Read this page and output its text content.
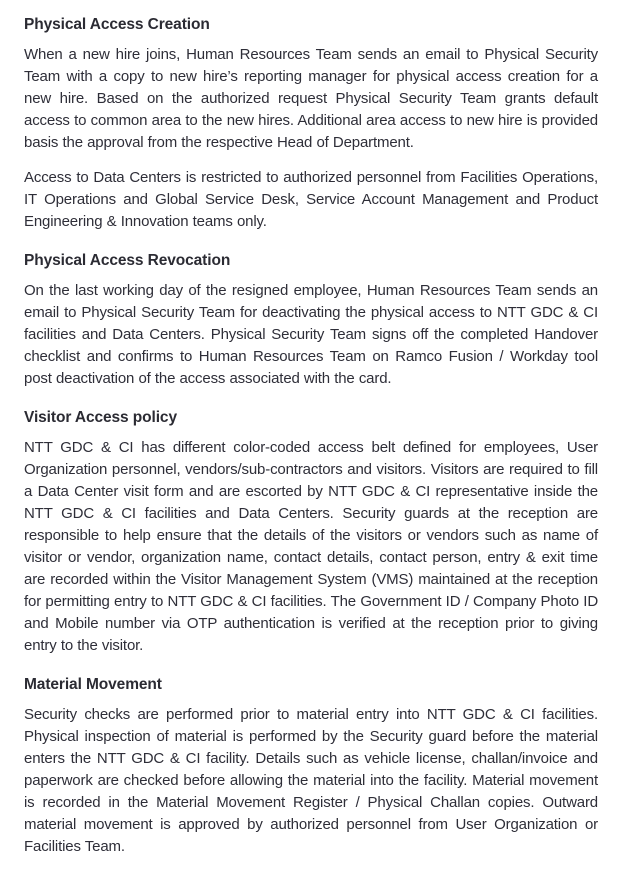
Physical Access Creation

When a new hire joins, Human Resources Team sends an email to Physical Security Team with a copy to new hire’s reporting manager for physical access creation for a new hire. Based on the authorized request Physical Security Team grants default access to common area to the new hires. Additional area access to new hire is provided basis the approval from the respective Head of Department.

Access to Data Centers is restricted to authorized personnel from Facilities Operations, IT Operations and Global Service Desk, Service Account Management and Product Engineering & Innovation teams only.

Physical Access Revocation

On the last working day of the resigned employee, Human Resources Team sends an email to Physical Security Team for deactivating the physical access to NTT GDC & CI facilities and Data Centers. Physical Security Team signs off the completed Handover checklist and confirms to Human Resources Team on Ramco Fusion / Workday tool post deactivation of the access associated with the card.

Visitor Access policy

NTT GDC & CI has different color-coded access belt defined for employees, User Organization personnel, vendors/sub-contractors and visitors. Visitors are required to fill a Data Center visit form and are escorted by NTT GDC & CI representative inside the NTT GDC & CI facilities and Data Centers. Security guards at the reception are responsible to help ensure that the details of the visitors or vendors such as name of visitor or vendor, organization name, contact details, contact person, entry & exit time are recorded within the Visitor Management System (VMS) maintained at the reception for permitting entry to NTT GDC & CI facilities. The Government ID / Company Photo ID and Mobile number via OTP authentication is verified at the reception prior to giving entry to the visitor.

Material Movement

Security checks are performed prior to material entry into NTT GDC & CI facilities. Physical inspection of material is performed by the Security guard before the material enters the NTT GDC & CI facility. Details such as vehicle license, challan/invoice and paperwork are checked before allowing the material into the facility. Material movement is recorded in the Material Movement Register / Physical Challan copies. Outward material movement is approved by authorized personnel from User Organization or Facilities Team.
